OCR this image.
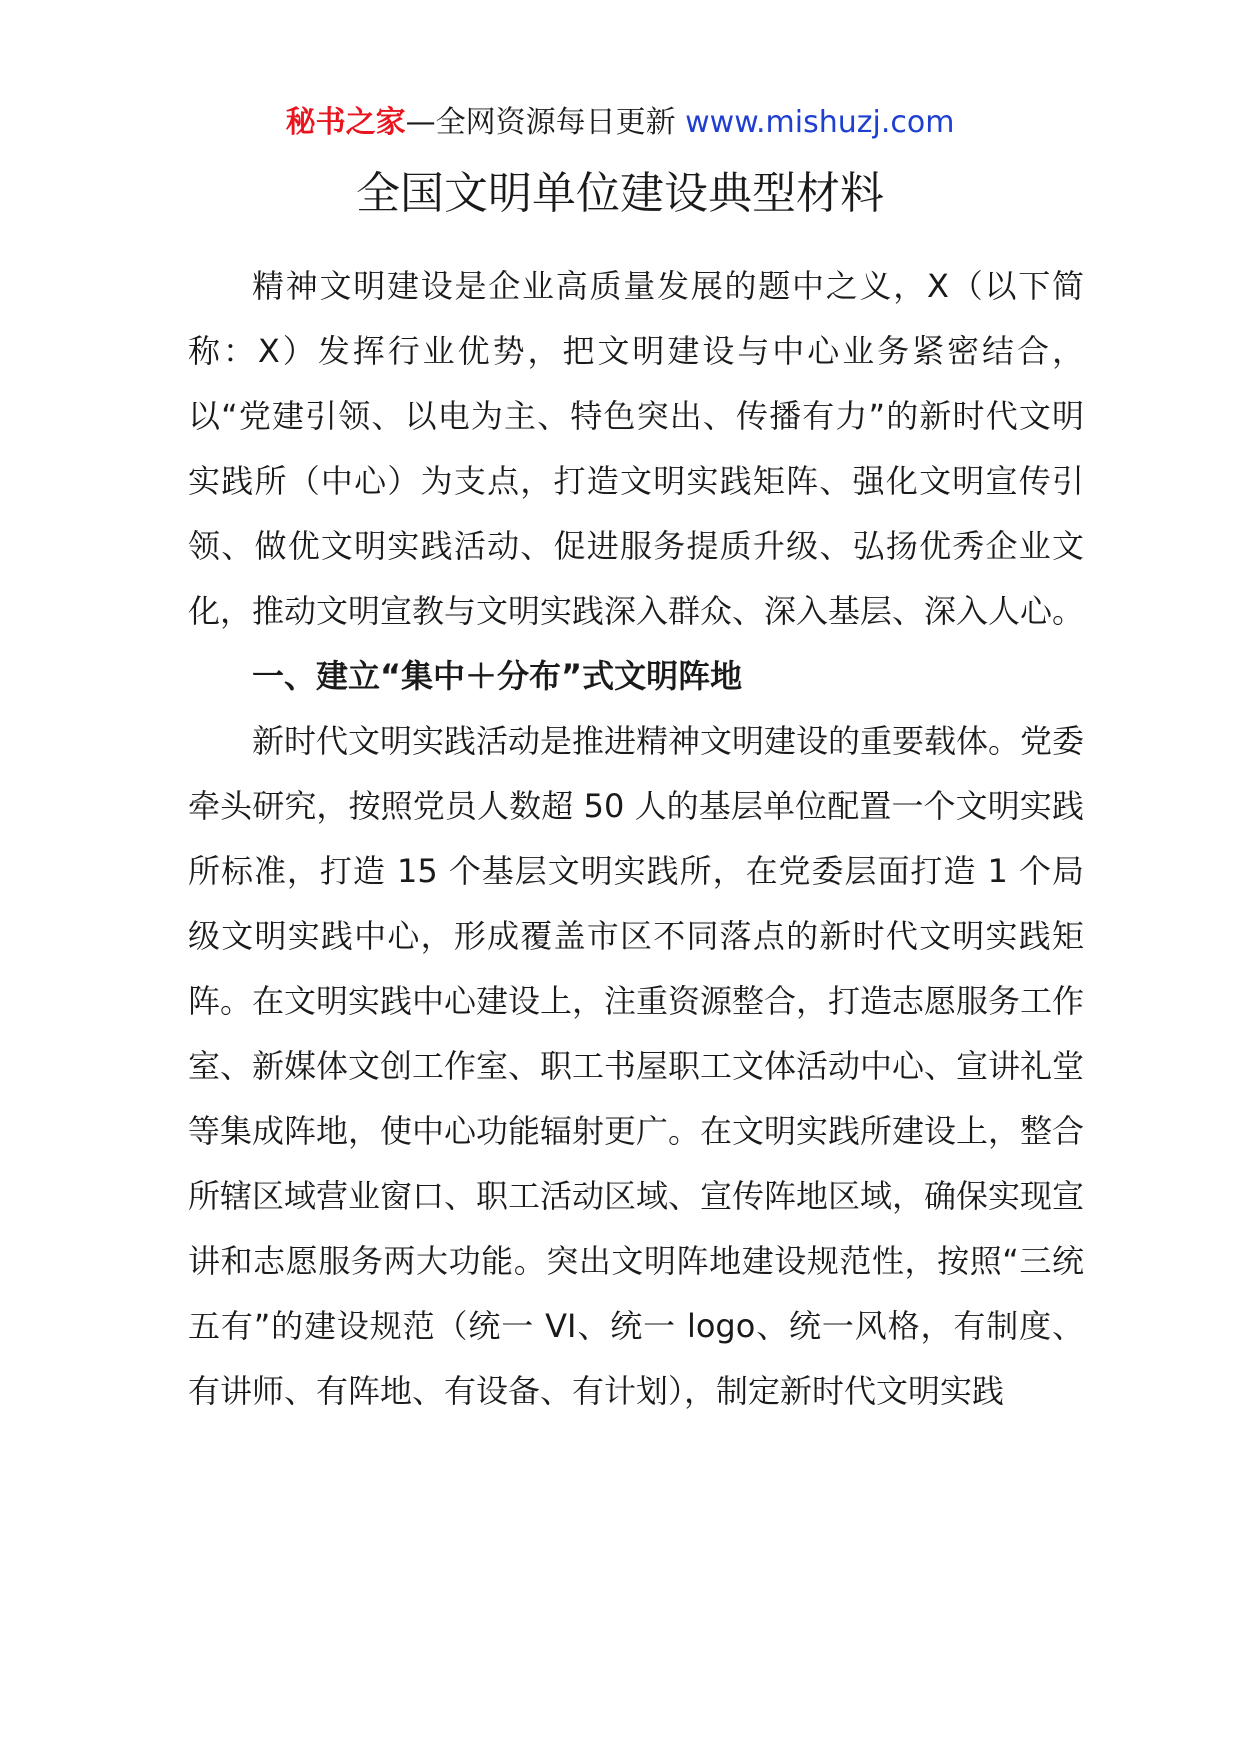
秘书之家—全网资源每日更新 www.mishuzj.com
全国文明单位建设典型材料

精神文明建设是企业高质量发展的题中之义，X（以下简称：X）发挥行业优势，把文明建设与中心业务紧密结合，以“党建引领、以电为主、特色突出、传播有力”的新时代文明实践所（中心）为支点，打造文明实践矩阵、强化文明宣传引领、做优文明实践活动、促进服务提质升级、弘扬优秀企业文化，推动文明宣教与文明实践深入群众、深入基层、深入人心。

一、建立“集中＋分布”式文明阵地

新时代文明实践活动是推进精神文明建设的重要载体。党委牵头研究，按照党员人数超 50 人的基层单位配置一个文明实践所标准，打造 15 个基层文明实践所，在党委层面打造 1 个局级文明实践中心，形成覆盖市区不同落点的新时代文明实践矩阵。在文明实践中心建设上，注重资源整合，打造志愿服务工作室、新媒体文创工作室、职工书屋职工文体活动中心、宣讲礼堂等集成阵地，使中心功能辐射更广。在文明实践所建设上，整合所辖区域营业窗口、职工活动区域、宣传阵地区域，确保实现宣讲和志愿服务两大功能。突出文明阵地建设规范性，按照“三统五有”的建设规范（统一 VI、统一 logo、统一风格，有制度、有讲师、有阵地、有设备、有计划），制定新时代文明实践
